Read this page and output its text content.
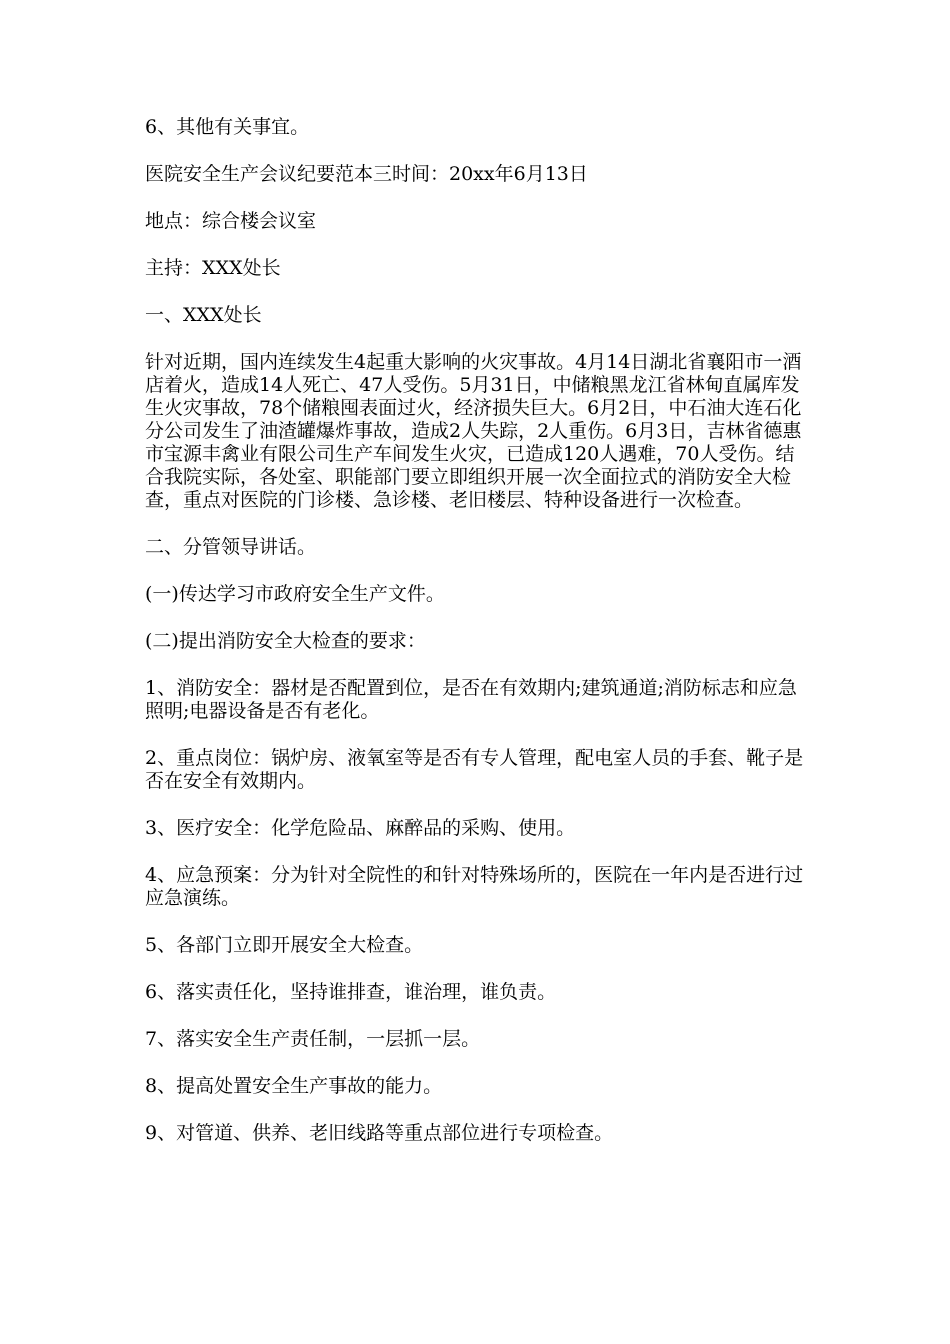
6、其他有关事宜。

医院安全生产会议纪要范本三时间：20xx年6月13日

地点：综合楼会议室

主持：XXX处长

一、XXX处长

针对近期，国内连续发生4起重大影响的火灾事故。4月14日湖北省襄阳市一酒店着火，造成14人死亡、47人受伤。5月31日，中储粮黑龙江省林甸直属库发生火灾事故，78个储粮囤表面过火，经济损失巨大。6月2日，中石油大连石化分公司发生了油渣罐爆炸事故，造成2人失踪，2人重伤。6月3日，吉林省德惠市宝源丰禽业有限公司生产车间发生火灾，已造成120人遇难，70人受伤。结合我院实际，各处室、职能部门要立即组织开展一次全面拉式的消防安全大检查，重点对医院的门诊楼、急诊楼、老旧楼层、特种设备进行一次检查。

二、分管领导讲话。

(一)传达学习市政府安全生产文件。

(二)提出消防安全大检查的要求：

1、消防安全：器材是否配置到位，是否在有效期内;建筑通道;消防标志和应急照明;电器设备是否有老化。

2、重点岗位：锅炉房、液氧室等是否有专人管理，配电室人员的手套、靴子是否在安全有效期内。

3、医疗安全：化学危险品、麻醉品的采购、使用。

4、应急预案：分为针对全院性的和针对特殊场所的，医院在一年内是否进行过应急演练。

5、各部门立即开展安全大检查。

6、落实责任化，坚持谁排查，谁治理，谁负责。

7、落实安全生产责任制，一层抓一层。

8、提高处置安全生产事故的能力。

9、对管道、供养、老旧线路等重点部位进行专项检查。
